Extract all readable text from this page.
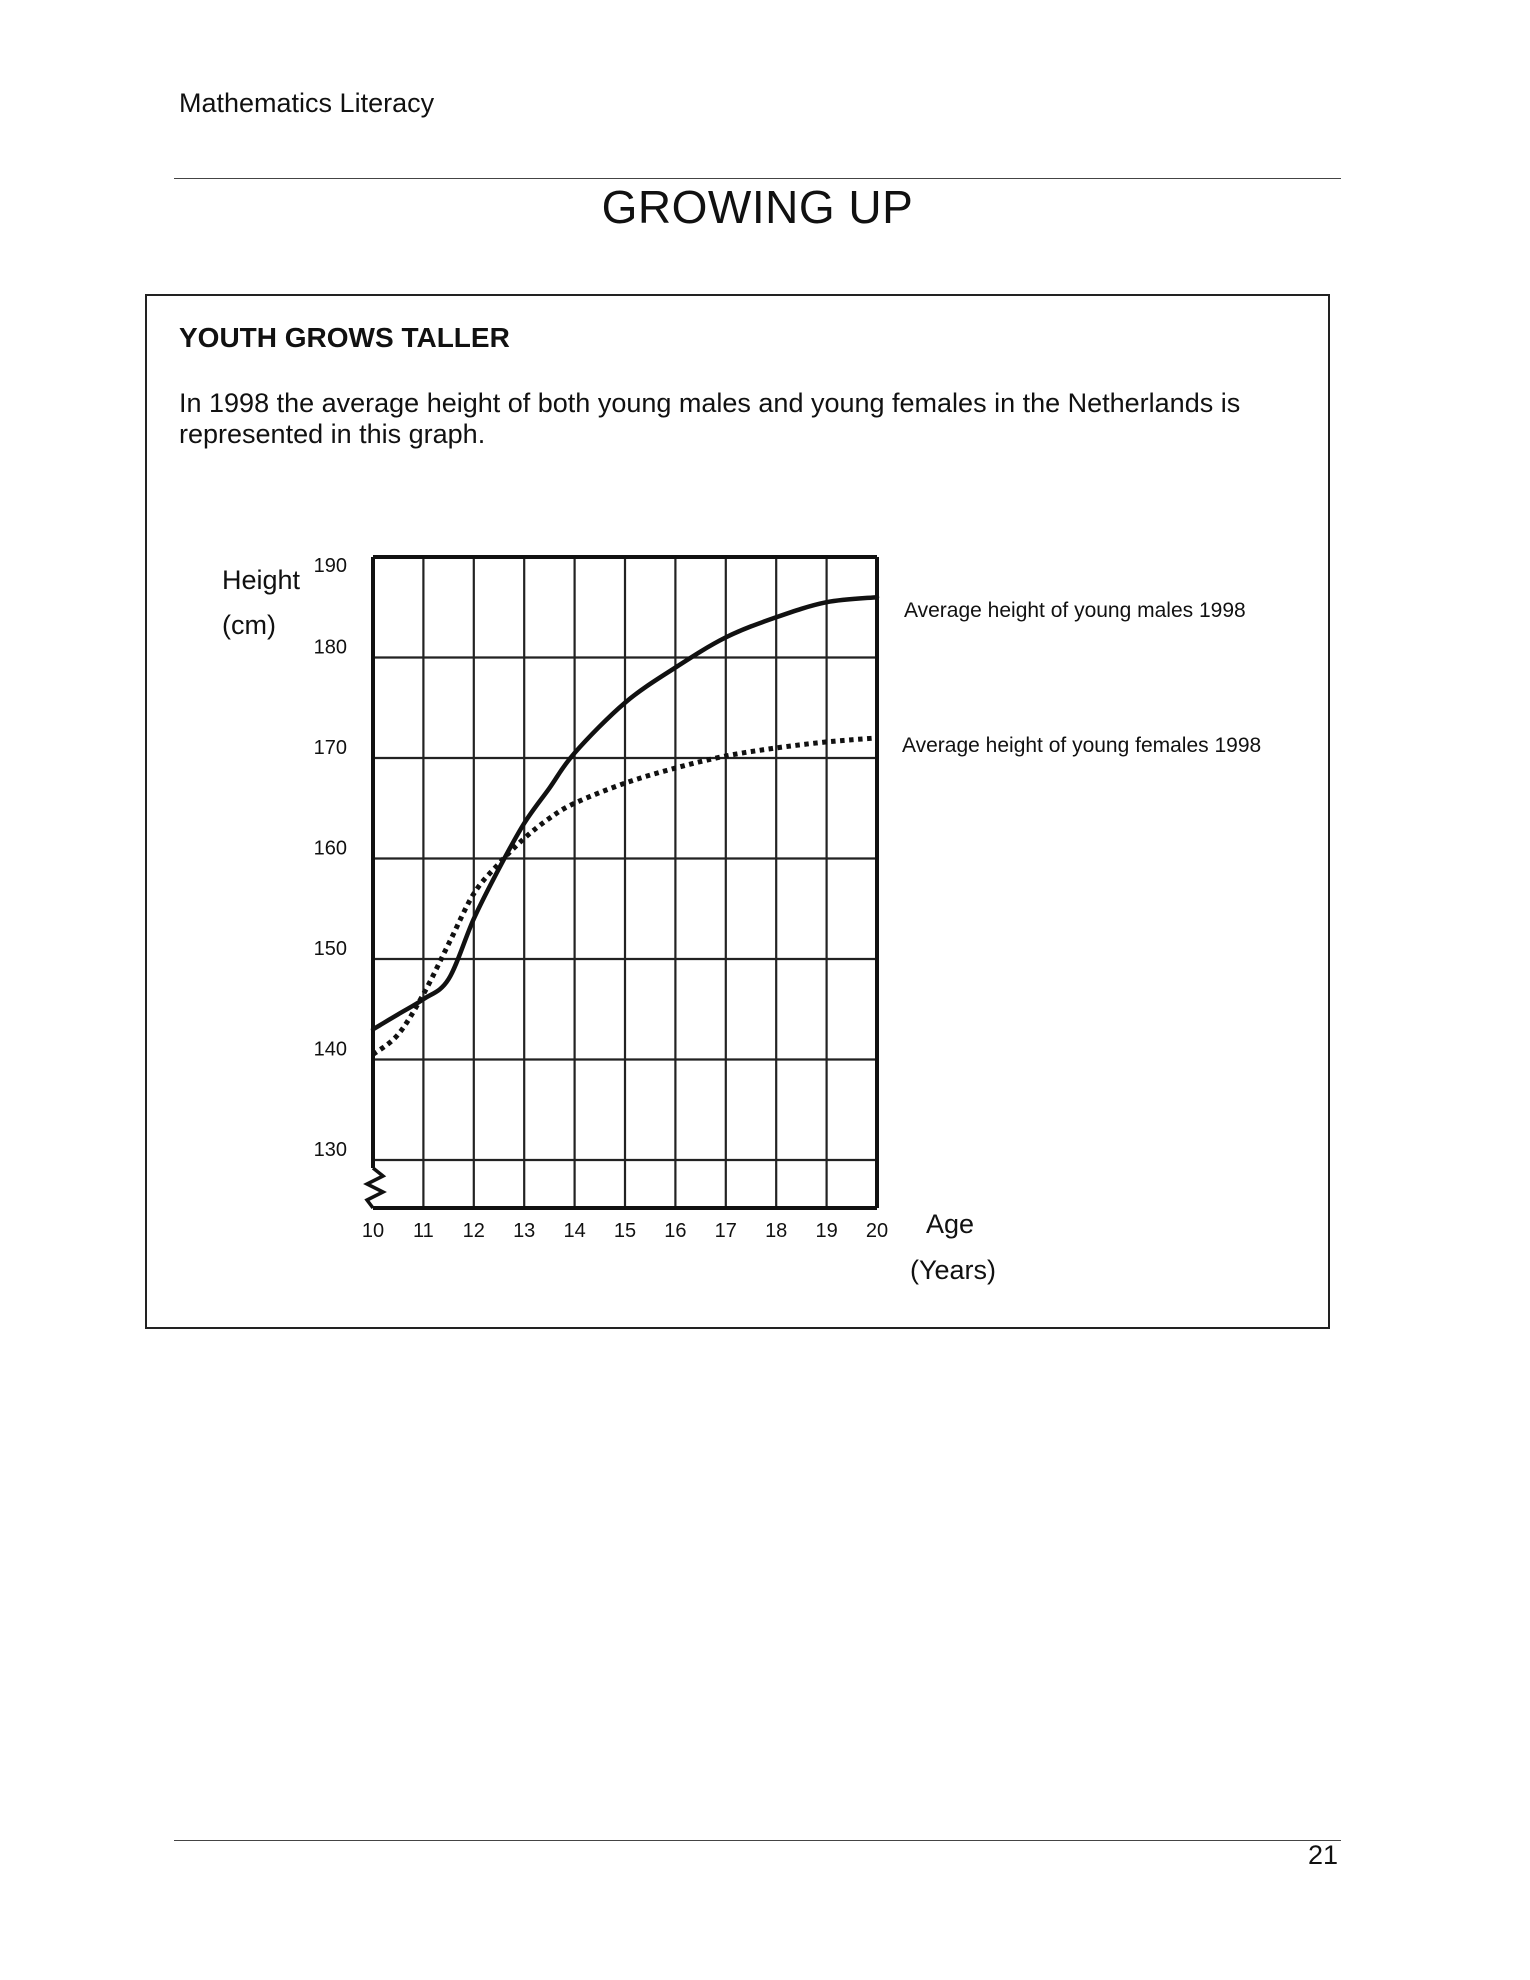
Mathematics Literacy
GROWING UP
YOUTH GROWS TALLER
In 1998 the average height of both young males and young females in the Netherlands is represented in this graph.
10 11 12 13 14 15 16 17 18 19 20
130
140
150
160
170
180
190
Height
(cm)
Age
(Years)
Average height of young males 1998
Average height of young females 1998
21
